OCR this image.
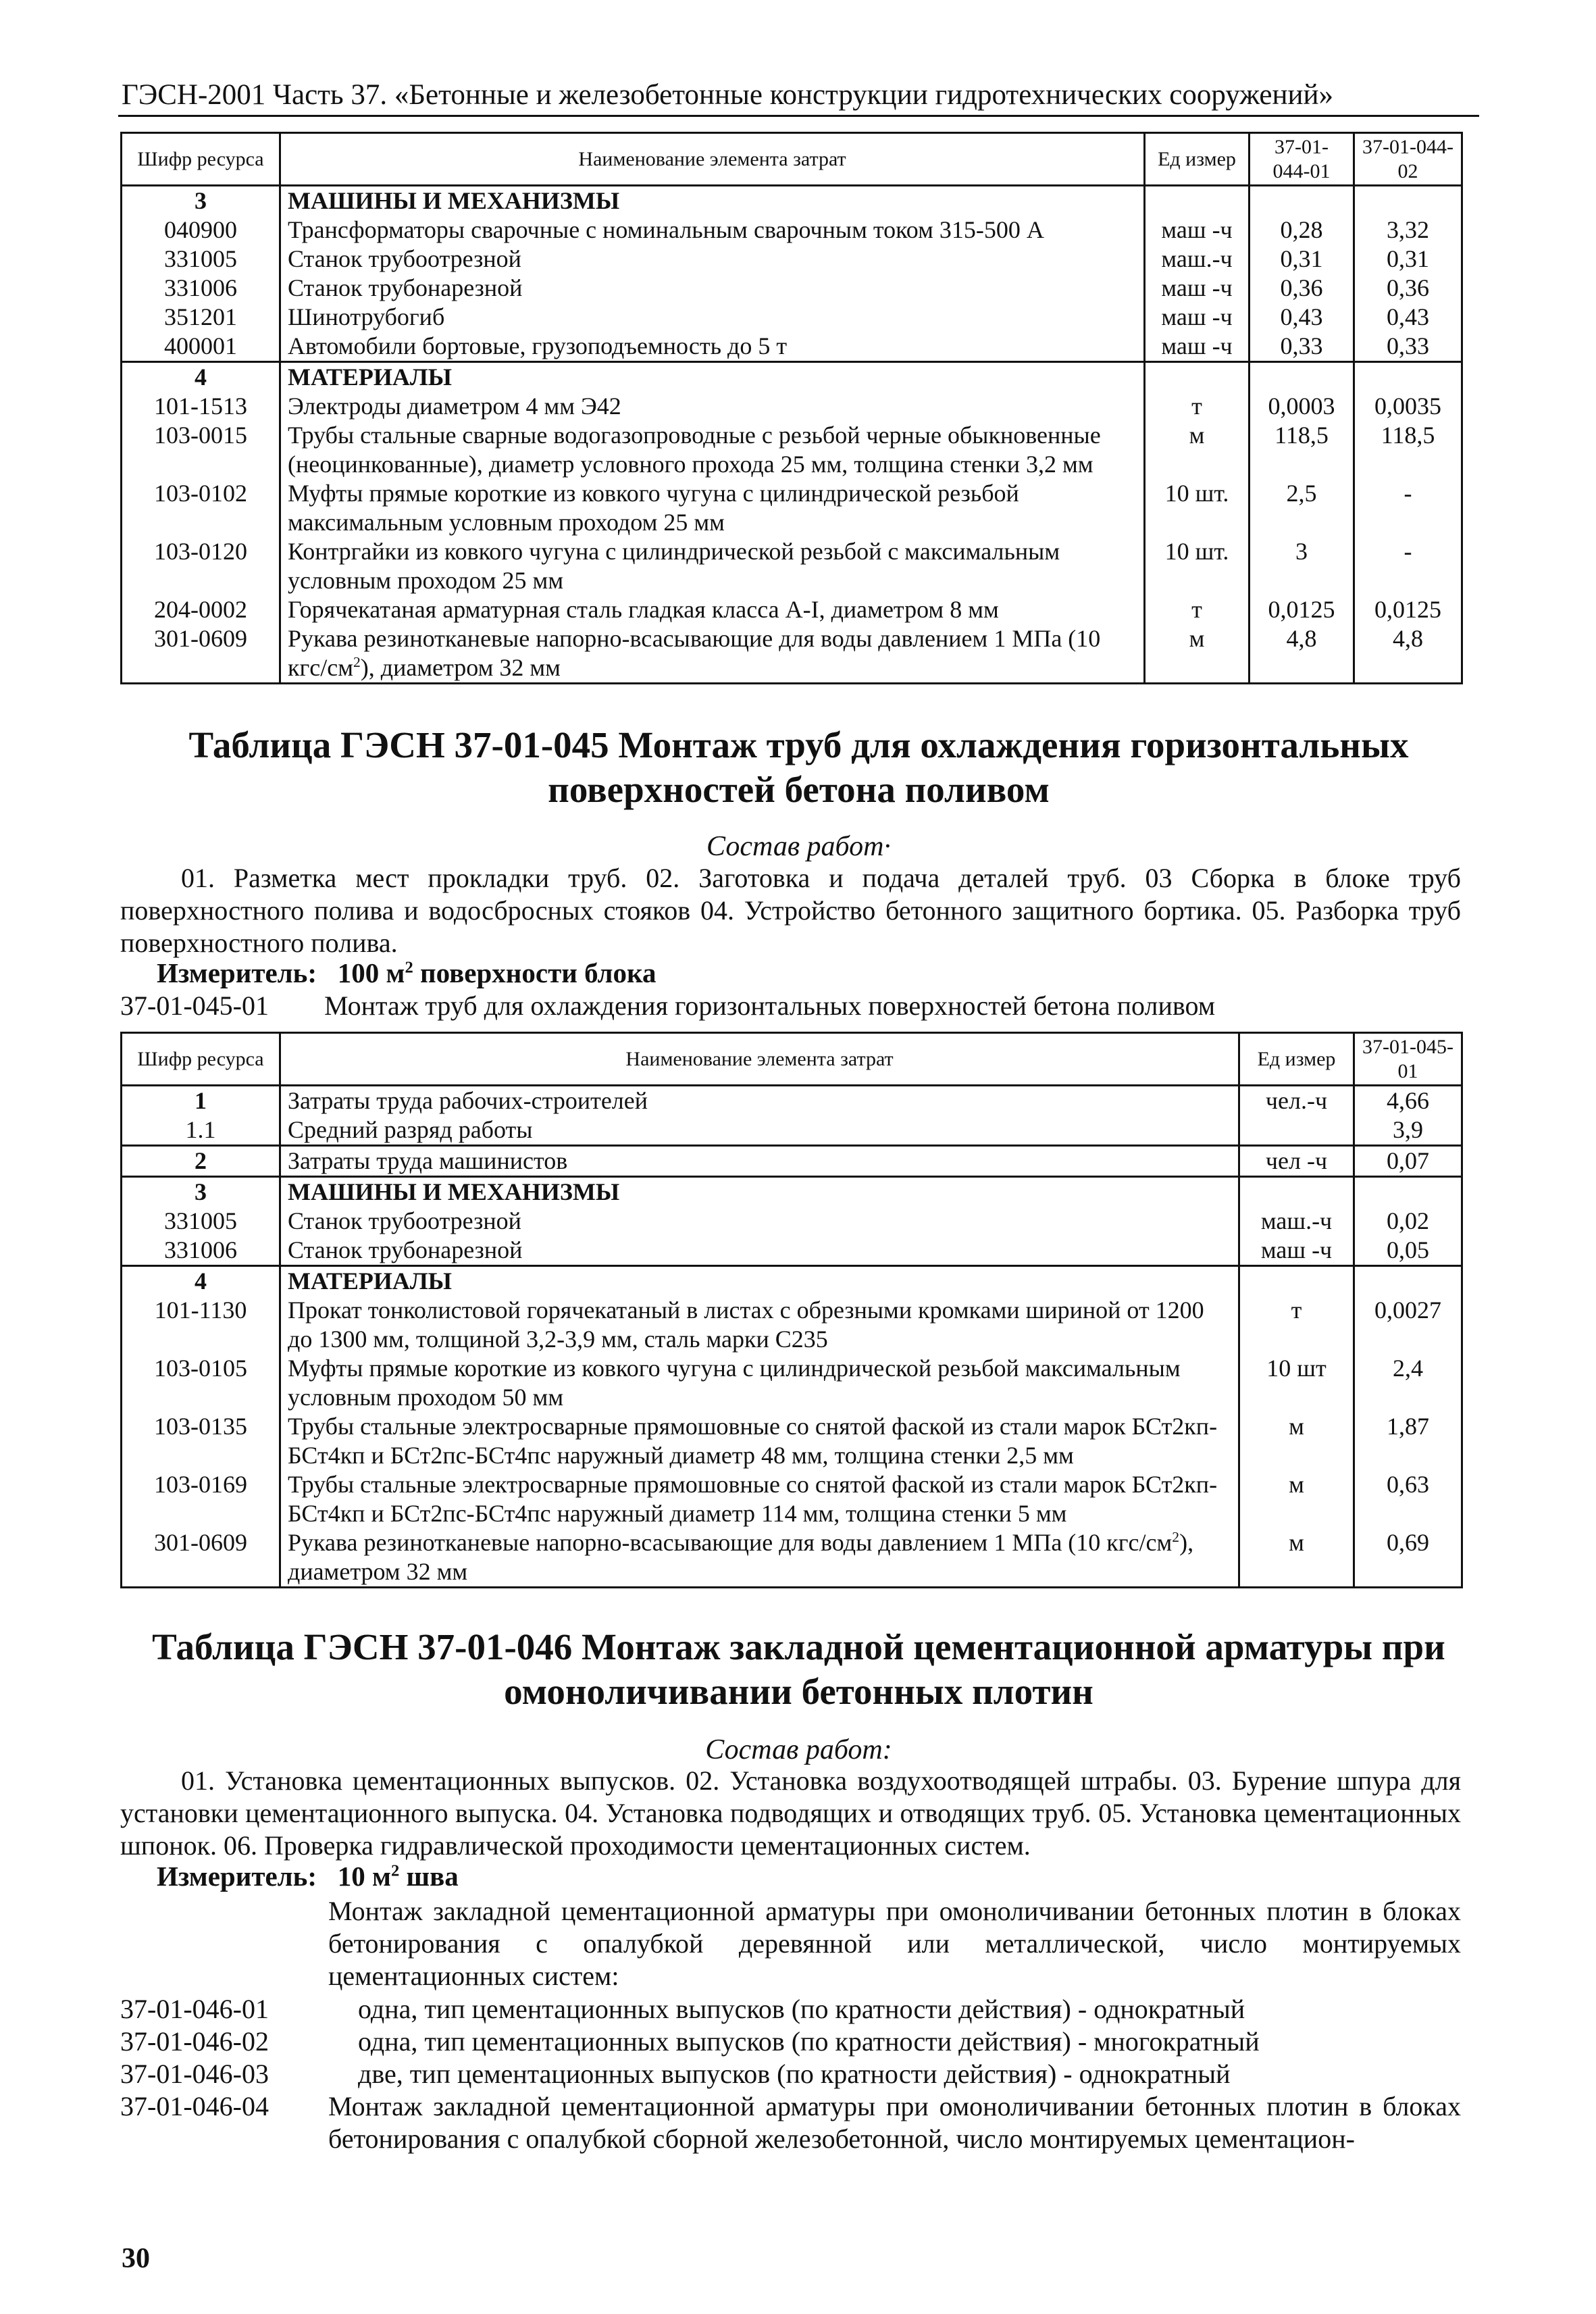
ГЭСН-2001 Часть 37. «Бетонные и железобетонные конструкции гидротехнических сооружений»
Шифр ресурса	Наименование элемента затрат	Ед измер	37-01-044-01	37-01-044-02
3	МАШИНЫ И МЕХАНИЗМЫ			
040900	Трансформаторы сварочные с номинальным сварочным током 315-500 А	маш -ч	0,28	3,32
331005	Станок трубоотрезной	маш.-ч	0,31	0,31
331006	Станок трубонарезной	маш -ч	0,36	0,36
351201	Шинотрубогиб	маш -ч	0,43	0,43
400001	Автомобили бортовые, грузоподъемность до 5 т	маш -ч	0,33	0,33
4	МАТЕРИАЛЫ			
101-1513	Электроды диаметром 4 мм Э42	т	0,0003	0,0035
103-0015	Трубы стальные сварные водогазопроводные с резьбой черные обыкновенные (неоцинкованные), диаметр условного прохода 25 мм, толщина стенки 3,2 мм	м	118,5	118,5
103-0102	Муфты прямые короткие из ковкого чугуна с цилиндрической резьбой максимальным условным проходом 25 мм	10 шт.	2,5	-
103-0120	Контргайки из ковкого чугуна с цилиндрической резьбой с максимальным условным проходом 25 мм	10 шт.	3	-
204-0002	Горячекатаная арматурная сталь гладкая класса А-I, диаметром 8 мм	т	0,0125	0,0125
301-0609	Рукава резинотканевые напорно-всасывающие для воды давлением 1 МПа (10 кгс/$см^2$), диаметром 32 мм	м	4,8	4,8
Таблица ГЭСН 37-01-045 Монтаж труб для охлаждения горизонтальных поверхностей бетона поливом
Состав работ·
01. Разметка мест прокладки труб. 02. Заготовка и подача деталей труб. 03 Сборка в блоке труб поверхностного полива и водосбросных стояков 04. Устройство бетонного защитного бортика. 05. Разборка труб поверхностного полива.
Измеритель: 100 $м^2$ поверхности блока
37-01-045-01 Монтаж труб для охлаждения горизонтальных поверхностей бетона поливом
Шифр ресурса	Наименование элемента затрат	Ед измер	37-01-045-01
1	Затраты труда рабочих-строителей	чел.-ч	4,66
1.1	Средний разряд работы		3,9
2	Затраты труда машинистов	чел -ч	0,07
3	МАШИНЫ И МЕХАНИЗМЫ		
331005	Станок трубоотрезной	маш.-ч	0,02
331006	Станок трубонарезной	маш -ч	0,05
4	МАТЕРИАЛЫ		
101-1130	Прокат тонколистовой горячекатаный в листах с обрезными кромками шириной от 1200 до 1300 мм, толщиной 3,2-3,9 мм, сталь марки С235	т	0,0027
103-0105	Муфты прямые короткие из ковкого чугуна с цилиндрической резьбой максимальным условным проходом 50 мм	10 шт	2,4
103-0135	Трубы стальные электросварные прямошовные со снятой фаской из стали марок БСт2кп-БСт4кп и БСт2пс-БСт4пс наружный диаметр 48 мм, толщина стенки 2,5 мм	м	1,87
103-0169	Трубы стальные электросварные прямошовные со снятой фаской из стали марок БСт2кп-БСт4кп и БСт2пс-БСт4пс наружный диаметр 114 мм, толщина стенки 5 мм	м	0,63
301-0609	Рукава резинотканевые напорно-всасывающие для воды давлением 1 МПа (10 кгс/$см^2$), диаметром 32 мм	м	0,69
Таблица ГЭСН 37-01-046 Монтаж закладной цементационной арматуры при омоноличивании бетонных плотин
Состав работ:
01. Установка цементационных выпусков. 02. Установка воздухоотводящей штрабы. 03. Бурение шпура для установки цементационного выпуска. 04. Установка подводящих и отводящих труб. 05. Установка цементационных шпонок. 06. Проверка гидравлической проходимости цементационных систем.
Измеритель: 10 $м^2$ шва
Монтаж закладной цементационной арматуры при омоноличивании бетонных плотин в блоках бетонирования с опалубкой деревянной или металлической, число монтируемых цементационных систем:
37-01-046-01	одна, тип цементационных выпусков (по кратности действия) - однократный
37-01-046-02	одна, тип цементационных выпусков (по кратности действия) - многократный
37-01-046-03	две, тип цементационных выпусков (по кратности действия) - однократный
37-01-046-04 Монтаж закладной цементационной арматуры при омоноличивании бетонных плотин в блоках бетонирования с опалубкой сборной железобетонной, число монтируемых цементацион-
30
